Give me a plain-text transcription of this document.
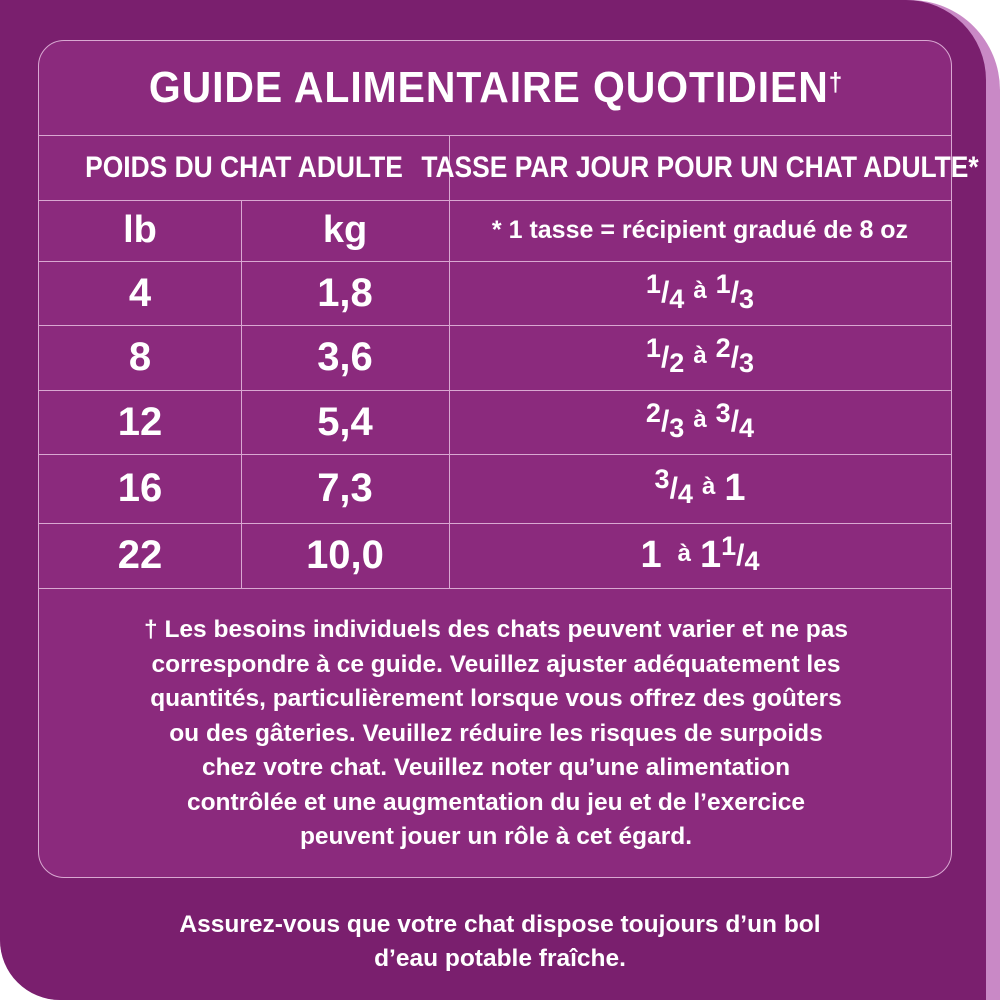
GUIDE ALIMENTAIRE QUOTIDIEN†
POIDS DU CHAT ADULTE TASSE PAR JOUR POUR UN CHAT ADULTE*
lb	kg	* 1 tasse = récipient gradué de 8 oz
4	1,8	1 / 4 à 1 / 3
8	3,6	1 / 2 à 2 / 3
12	5,4	2 / 3 à 3 / 4
16	7,3	3 / 4 à 1
22	10,0	1 à 1 1 / 4
† Les besoins individuels des chats peuvent varier et ne pas
correspondre à ce guide. Veuillez ajuster adéquatement les
quantités, particulièrement lorsque vous offrez des goûters
ou des gâteries. Veuillez réduire les risques de surpoids
chez votre chat. Veuillez noter qu’une alimentation
contrôlée et une augmentation du jeu et de l’exercice
peuvent jouer un rôle à cet égard.
Assurez-vous que votre chat dispose toujours d’un bol
d’eau potable fraîche.
